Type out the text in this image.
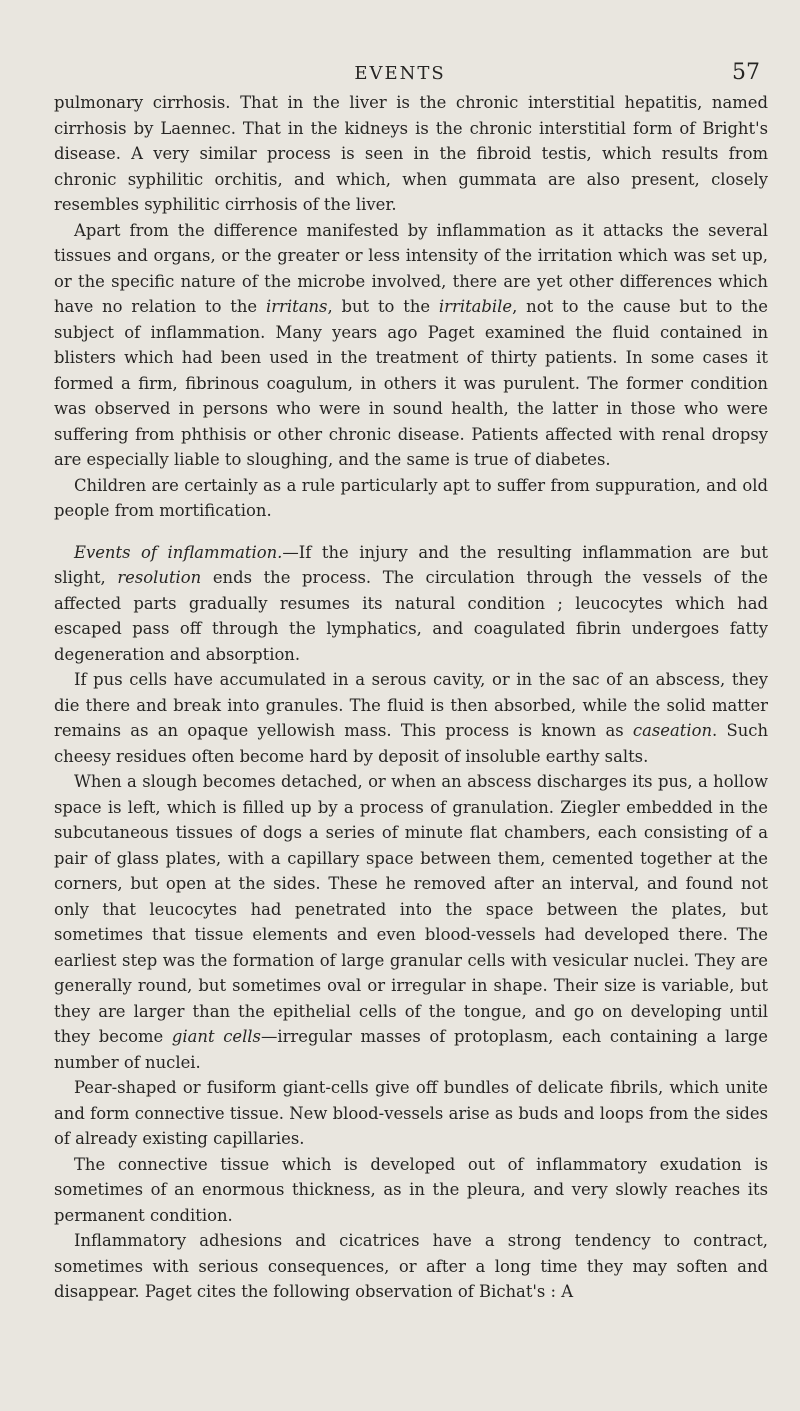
EVENTS	57

pulmonary cirrhosis. That in the liver is the chronic interstitial hepatitis, named cirrhosis by Laennec. That in the kidneys is the chronic interstitial form of Bright's disease. A very similar process is seen in the fibroid testis, which results from chronic syphilitic orchitis, and which, when gummata are also present, closely resembles syphilitic cirrhosis of the liver.

Apart from the difference manifested by inflammation as it attacks the several tissues and organs, or the greater or less intensity of the irritation which was set up, or the specific nature of the microbe involved, there are yet other differences which have no relation to the irritans, but to the irritabile, not to the cause but to the subject of inflammation. Many years ago Paget examined the fluid contained in blisters which had been used in the treatment of thirty patients. In some cases it formed a firm, fibrinous coagulum, in others it was purulent. The former condition was observed in persons who were in sound health, the latter in those who were suffering from phthisis or other chronic disease. Patients affected with renal dropsy are especially liable to sloughing, and the same is true of diabetes.

Children are certainly as a rule particularly apt to suffer from suppuration, and old people from mortification.

Events of inflammation.—If the injury and the resulting inflammation are but slight, resolution ends the process. The circulation through the vessels of the affected parts gradually resumes its natural condition ; leucocytes which had escaped pass off through the lymphatics, and coagulated fibrin undergoes fatty degeneration and absorption.

If pus cells have accumulated in a serous cavity, or in the sac of an abscess, they die there and break into granules. The fluid is then absorbed, while the solid matter remains as an opaque yellowish mass. This process is known as caseation. Such cheesy residues often become hard by deposit of insoluble earthy salts.

When a slough becomes detached, or when an abscess discharges its pus, a hollow space is left, which is filled up by a process of granulation. Ziegler embedded in the subcutaneous tissues of dogs a series of minute flat chambers, each consisting of a pair of glass plates, with a capillary space between them, cemented together at the corners, but open at the sides. These he removed after an interval, and found not only that leucocytes had penetrated into the space between the plates, but sometimes that tissue elements and even blood-vessels had developed there. The earliest step was the formation of large granular cells with vesicular nuclei. They are generally round, but sometimes oval or irregular in shape. Their size is variable, but they are larger than the epithelial cells of the tongue, and go on developing until they become giant cells—irregular masses of protoplasm, each containing a large number of nuclei.

Pear-shaped or fusiform giant-cells give off bundles of delicate fibrils, which unite and form connective tissue. New blood-vessels arise as buds and loops from the sides of already existing capillaries.

The connective tissue which is developed out of inflammatory exudation is sometimes of an enormous thickness, as in the pleura, and very slowly reaches its permanent condition.

Inflammatory adhesions and cicatrices have a strong tendency to contract, sometimes with serious consequences, or after a long time they may soften and disappear. Paget cites the following observation of Bichat's : A
